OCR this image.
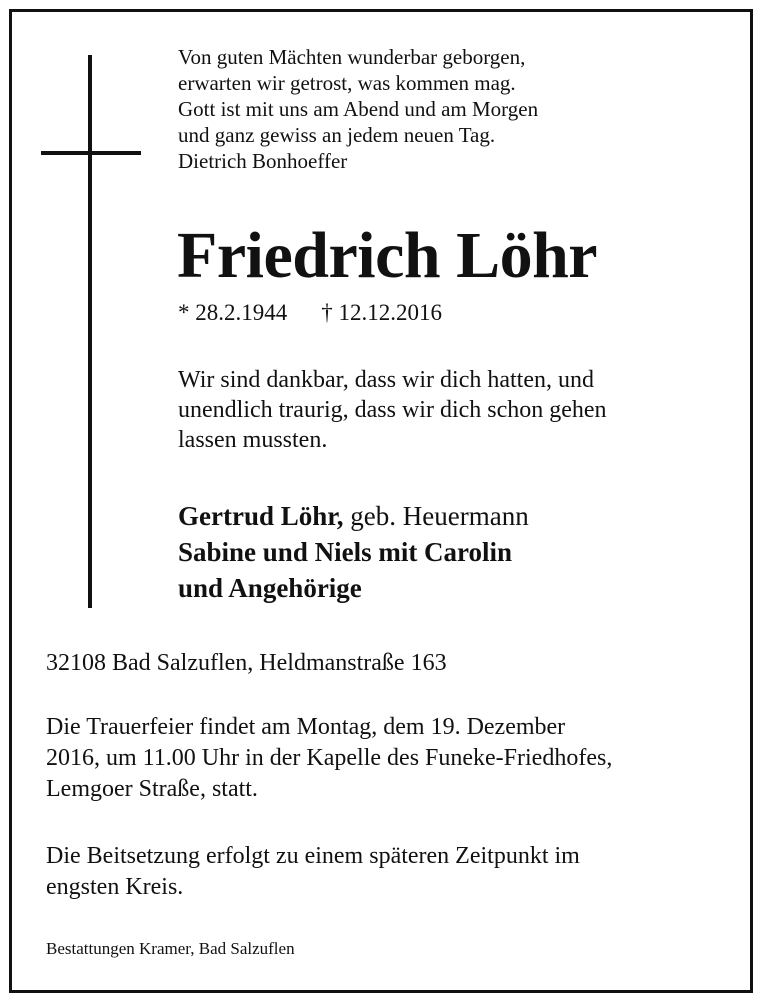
Von guten Mächten wunderbar geborgen,
erwarten wir getrost, was kommen mag.
Gott ist mit uns am Abend und am Morgen
und ganz gewiss an jedem neuen Tag.
Dietrich Bonhoeffer
Friedrich Löhr
* 28.2.1944 † 12.12.2016
Wir sind dankbar, dass wir dich hatten, und
unendlich traurig, dass wir dich schon gehen
lassen mussten.
Gertrud Löhr, geb. Heuermann
Sabine und Niels mit Carolin
und Angehörige
32108 Bad Salzuflen, Heldmanstraße 163
Die Trauerfeier findet am Montag, dem 19. Dezember
2016, um 11.00 Uhr in der Kapelle des Funeke-Friedhofes,
Lemgoer Straße, statt.
Die Beitsetzung erfolgt zu einem späteren Zeitpunkt im
engsten Kreis.
Bestattungen Kramer, Bad Salzuflen
